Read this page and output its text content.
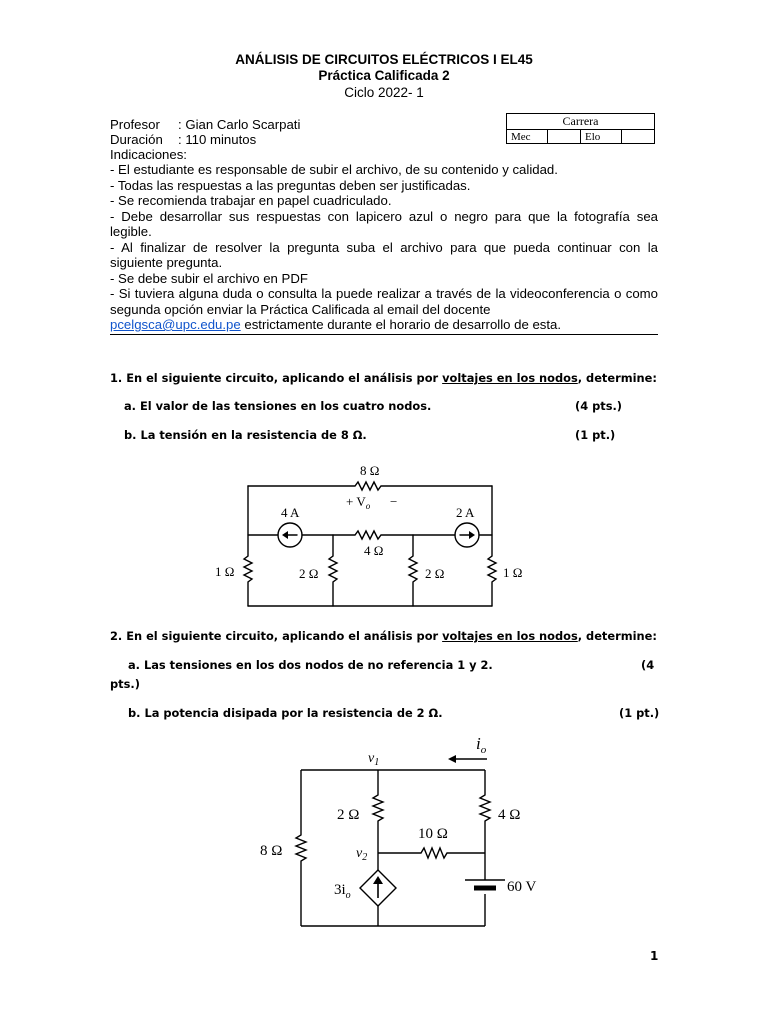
ANÁLISIS DE CIRCUITOS ELÉCTRICOS I EL45
Práctica Calificada 2
Ciclo 2022- 1
Profesor : Gian Carlo Scarpati
Duración : 110 minutos
Indicaciones:
Carrera
Mec		Elo	
- El estudiante es responsable de subir el archivo, de su contenido y calidad.
- Todas las respuestas a las preguntas deben ser justificadas.
- Se recomienda trabajar en papel cuadriculado.
- Debe desarrollar sus respuestas con lapicero azul o negro para que la fotografía sea legible.
- Al finalizar de resolver la pregunta suba el archivo para que pueda continuar con la siguiente pregunta.
- Se debe subir el archivo en PDF
- Si tuviera alguna duda o consulta la puede realizar a través de la videoconferencia o como segunda opción enviar la Práctica Calificada al email del docente
pcelgsca@upc.edu.pe estrictamente durante el horario de desarrollo de esta.
1. En el siguiente circuito, aplicando el análisis por voltajes en los nodos, determine:
a. El valor de las tensiones en los cuatro nodos.	(4 pts.)
b. La tensión en la resistencia de 8 Ω.	(1 pt.)
8 Ω
+ $V_o$ −
4 A	2 A
4 Ω
1 Ω	2 Ω	2 Ω	1 Ω
2. En el siguiente circuito, aplicando el análisis por voltajes en los nodos, determine:
a. Las tensiones en los dos nodos de no referencia 1 y 2.	(4
pts.)
b. La potencia disipada por la resistencia de 2 Ω.	(1 pt.)
$i_o$
$v_1$
2 Ω	4 Ω
10 Ω
8 Ω	$v_2$
$3i_o$
60 V
1
